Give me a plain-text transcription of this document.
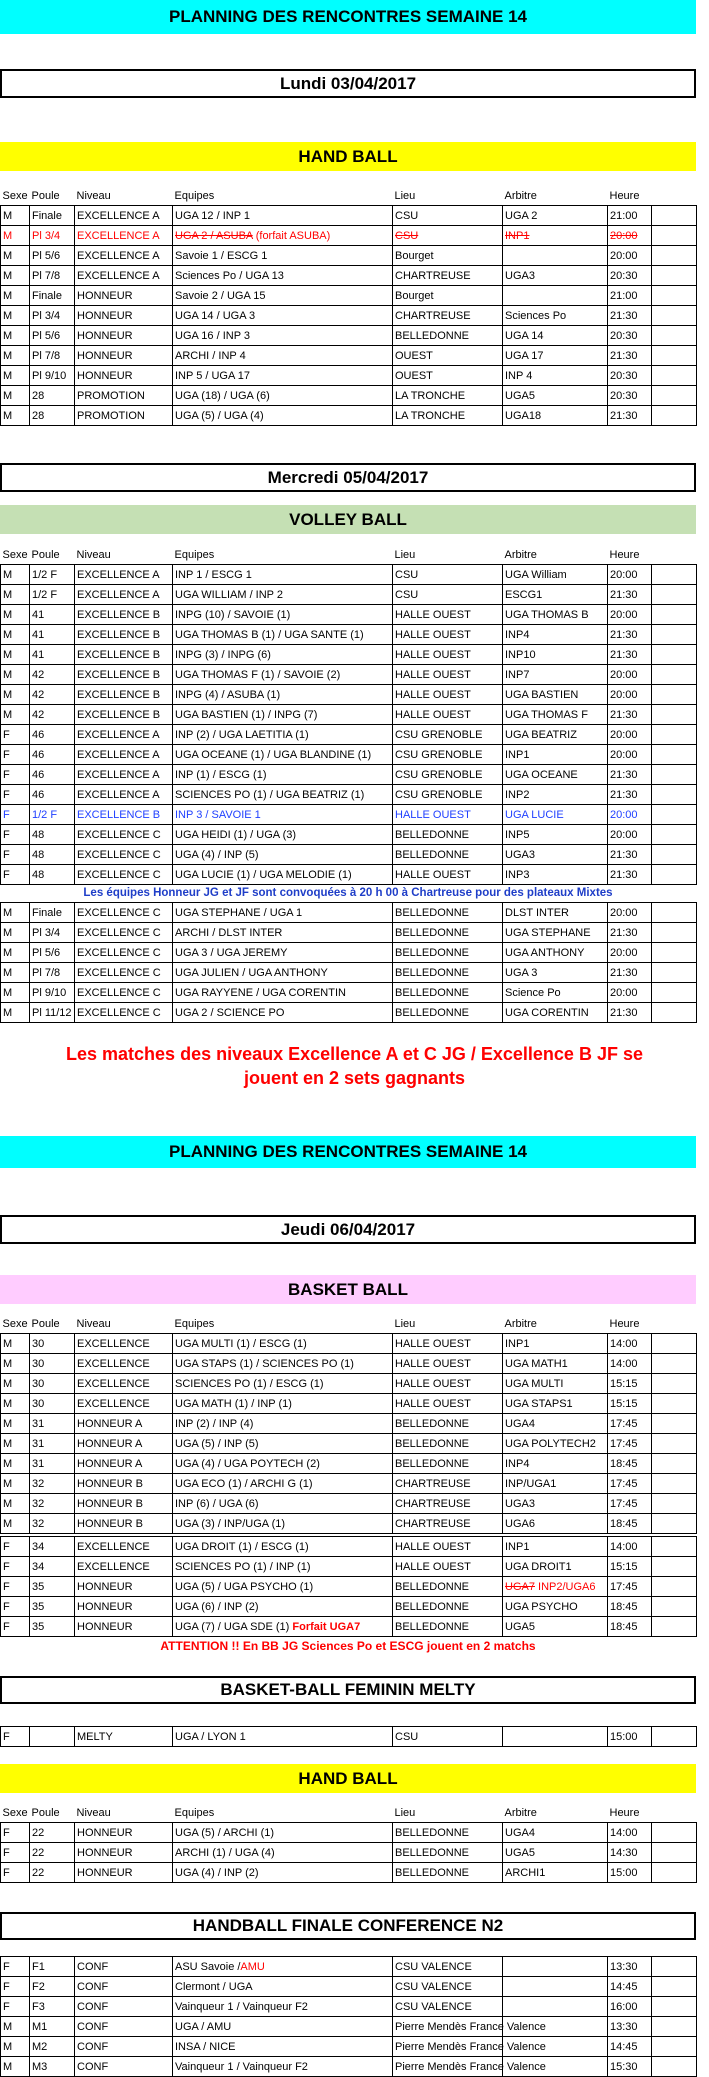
PLANNING DES RENCONTRES SEMAINE 14
Lundi 03/04/2017
HAND BALL
Sexe	Poule	Niveau	Equipes	Lieu	Arbitre	Heure	
M	Finale	EXCELLENCE A	UGA 12 / INP 1	CSU	UGA 2	21:00	
M	Pl 3/4	EXCELLENCE A	UGA 2 / ASUBA (forfait ASUBA)	CSU	INP1	20:00	
M	Pl 5/6	EXCELLENCE A	Savoie 1 / ESCG 1	Bourget		20:00	
M	Pl 7/8	EXCELLENCE A	Sciences Po / UGA 13	CHARTREUSE	UGA3	20:30	
M	Finale	HONNEUR	Savoie 2 / UGA 15	Bourget		21:00	
M	Pl 3/4	HONNEUR	UGA 14 / UGA 3	CHARTREUSE	Sciences Po	21:30	
M	Pl 5/6	HONNEUR	UGA 16 / INP 3	BELLEDONNE	UGA 14	20:30	
M	Pl 7/8	HONNEUR	ARCHI / INP 4	OUEST	UGA 17	21:30	
M	Pl 9/10	HONNEUR	INP 5 / UGA 17	OUEST	INP 4	20:30	
M	28	PROMOTION	UGA (18) / UGA (6)	LA TRONCHE	UGA5	20:30	
M	28	PROMOTION	UGA (5) / UGA (4)	LA TRONCHE	UGA18	21:30	
Mercredi 05/04/2017
VOLLEY BALL
Sexe	Poule	Niveau	Equipes	Lieu	Arbitre	Heure	
M	1/2 F	EXCELLENCE A	INP 1 / ESCG 1	CSU	UGA William	20:00	
M	1/2 F	EXCELLENCE A	UGA WILLIAM / INP 2	CSU	ESCG1	21:30	
M	41	EXCELLENCE B	INPG (10) / SAVOIE (1)	HALLE OUEST	UGA THOMAS B	20:00	
M	41	EXCELLENCE B	UGA THOMAS B (1) / UGA SANTE (1)	HALLE OUEST	INP4	21:30	
M	41	EXCELLENCE B	INPG (3) / INPG (6)	HALLE OUEST	INP10	21:30	
M	42	EXCELLENCE B	UGA THOMAS F (1) / SAVOIE (2)	HALLE OUEST	INP7	20:00	
M	42	EXCELLENCE B	INPG (4) / ASUBA (1)	HALLE OUEST	UGA BASTIEN	20:00	
M	42	EXCELLENCE B	UGA BASTIEN (1) / INPG (7)	HALLE OUEST	UGA THOMAS F	21:30	
F	46	EXCELLENCE A	INP (2) / UGA LAETITIA (1)	CSU GRENOBLE	UGA BEATRIZ	20:00	
F	46	EXCELLENCE A	UGA OCEANE (1) / UGA BLANDINE (1)	CSU GRENOBLE	INP1	20:00	
F	46	EXCELLENCE A	INP (1) / ESCG (1)	CSU GRENOBLE	UGA OCEANE	21:30	
F	46	EXCELLENCE A	SCIENCES PO (1) / UGA BEATRIZ (1)	CSU GRENOBLE	INP2	21:30	
F	1/2 F	EXCELLENCE B	INP 3 / SAVOIE 1	HALLE OUEST	UGA LUCIE	20:00	
F	48	EXCELLENCE C	UGA HEIDI (1) / UGA (3)	BELLEDONNE	INP5	20:00	
F	48	EXCELLENCE C	UGA (4) / INP (5)	BELLEDONNE	UGA3	21:30	
F	48	EXCELLENCE C	UGA LUCIE (1) / UGA MELODIE (1)	HALLE OUEST	INP3	21:30	
Les équipes Honneur JG et JF sont convoquées à 20 h 00 à Chartreuse pour des plateaux Mixtes
M	Finale	EXCELLENCE C	UGA STEPHANE / UGA 1	BELLEDONNE	DLST INTER	20:00	
M	Pl 3/4	EXCELLENCE C	ARCHI / DLST INTER	BELLEDONNE	UGA STEPHANE	21:30	
M	Pl 5/6	EXCELLENCE C	UGA 3 / UGA JEREMY	BELLEDONNE	UGA ANTHONY	20:00	
M	Pl 7/8	EXCELLENCE C	UGA JULIEN / UGA ANTHONY	BELLEDONNE	UGA 3	21:30	
M	Pl 9/10	EXCELLENCE C	UGA RAYYENE / UGA CORENTIN	BELLEDONNE	Science Po	20:00	
M	Pl 11/12	EXCELLENCE C	UGA 2 / SCIENCE PO	BELLEDONNE	UGA CORENTIN	21:30	
Les matches des niveaux Excellence A et C JG / Excellence B JF se jouent en 2 sets gagnants
PLANNING DES RENCONTRES SEMAINE 14
Jeudi 06/04/2017
BASKET BALL
Sexe	Poule	Niveau	Equipes	Lieu	Arbitre	Heure	
M	30	EXCELLENCE	UGA MULTI (1) / ESCG (1)	HALLE OUEST	INP1	14:00	
M	30	EXCELLENCE	UGA STAPS (1) / SCIENCES PO (1)	HALLE OUEST	UGA MATH1	14:00	
M	30	EXCELLENCE	SCIENCES PO (1) / ESCG (1)	HALLE OUEST	UGA MULTI	15:15	
M	30	EXCELLENCE	UGA MATH (1) / INP (1)	HALLE OUEST	UGA STAPS1	15:15	
M	31	HONNEUR A	INP (2) / INP (4)	BELLEDONNE	UGA4	17:45	
M	31	HONNEUR A	UGA (5) / INP (5)	BELLEDONNE	UGA POLYTECH2	17:45	
M	31	HONNEUR A	UGA (4) / UGA POYTECH (2)	BELLEDONNE	INP4	18:45	
M	32	HONNEUR B	UGA ECO (1) / ARCHI G (1)	CHARTREUSE	INP/UGA1	17:45	
M	32	HONNEUR B	INP (6) / UGA (6)	CHARTREUSE	UGA3	17:45	
M	32	HONNEUR B	UGA (3) / INP/UGA (1)	CHARTREUSE	UGA6	18:45	
F	34	EXCELLENCE	UGA DROIT (1) / ESCG (1)	HALLE OUEST	INP1	14:00	
F	34	EXCELLENCE	SCIENCES PO (1) / INP (1)	HALLE OUEST	UGA DROIT1	15:15	
F	35	HONNEUR	UGA (5) / UGA PSYCHO (1)	BELLEDONNE	UGA7 INP2/UGA6	17:45	
F	35	HONNEUR	UGA (6) / INP (2)	BELLEDONNE	UGA PSYCHO	18:45	
F	35	HONNEUR	UGA (7) / UGA SDE (1) Forfait UGA7	BELLEDONNE	UGA5	18:45	
ATTENTION !! En BB JG Sciences Po et ESCG jouent en 2 matchs
BASKET-BALL FEMININ MELTY
F		MELTY	UGA / LYON 1	CSU		15:00	
HAND BALL
Sexe	Poule	Niveau	Equipes	Lieu	Arbitre	Heure	
F	22	HONNEUR	UGA (5) / ARCHI (1)	BELLEDONNE	UGA4	14:00	
F	22	HONNEUR	ARCHI (1) / UGA (4)	BELLEDONNE	UGA5	14:30	
F	22	HONNEUR	UGA (4) / INP (2)	BELLEDONNE	ARCHI1	15:00	
HANDBALL FINALE CONFERENCE N2
F	F1	CONF	ASU Savoie /AMU	CSU VALENCE		13:30	
F	F2	CONF	Clermont / UGA	CSU VALENCE		14:45	
F	F3	CONF	Vainqueur 1 / Vainqueur F2	CSU VALENCE		16:00	
M	M1	CONF	UGA / AMU	Pierre Mendès France Valence		13:30	
M	M2	CONF	INSA / NICE	Pierre Mendès France Valence		14:45	
M	M3	CONF	Vainqueur 1 / Vainqueur F2	Pierre Mendès France Valence		15:30	
